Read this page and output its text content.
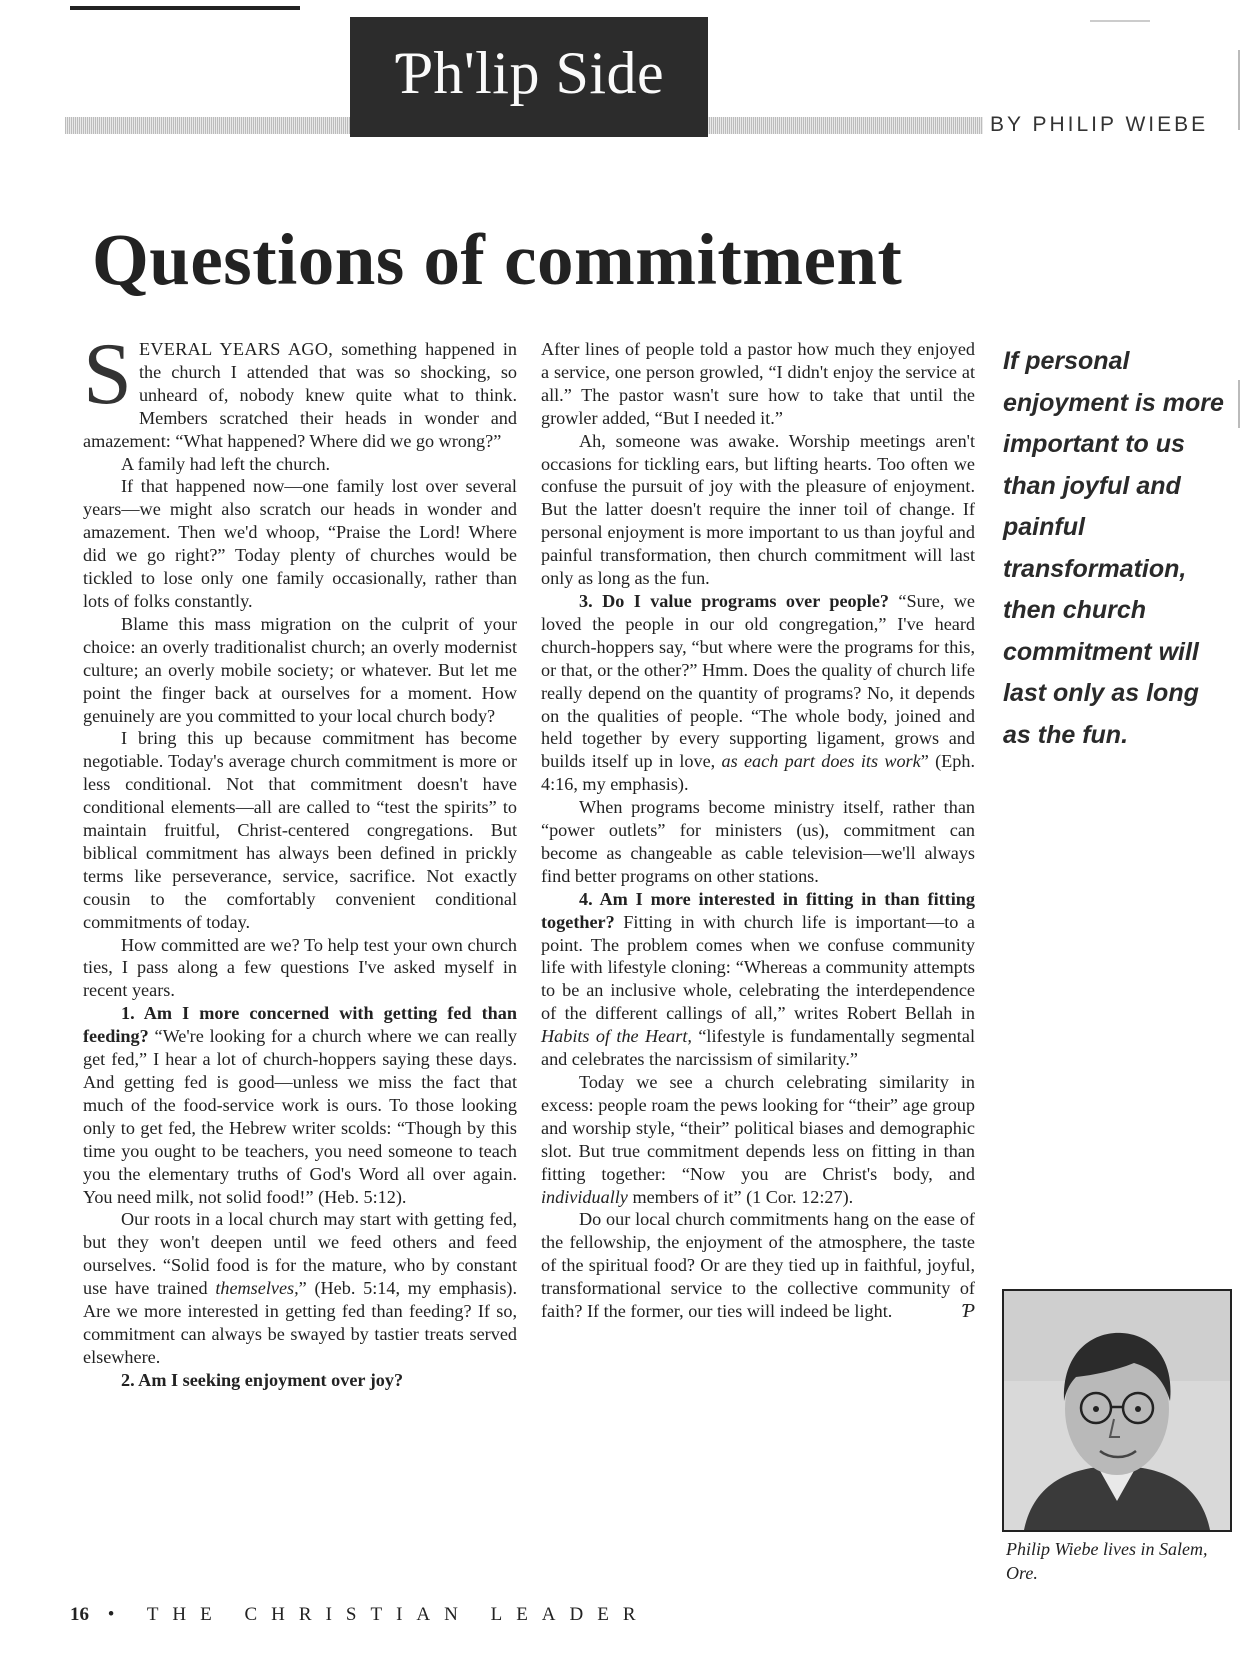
Ƥh'lip Side
BY PHILIP WIEBE
Questions of commitment

SEVERAL YEARS AGO, something happened in the church I attended that was so shocking, so unheard of, nobody knew quite what to think. Members scratched their heads in wonder and amazement: “What happened? Where did we go wrong?”

A family had left the church.

If that happened now—one family lost over several years—we might also scratch our heads in wonder and amazement. Then we'd whoop, “Praise the Lord! Where did we go right?” Today plenty of churches would be tickled to lose only one family occasionally, rather than lots of folks constantly.

Blame this mass migration on the culprit of your choice: an overly traditionalist church; an overly modernist culture; an overly mobile society; or whatever. But let me point the finger back at ourselves for a moment. How genuinely are you committed to your local church body?

I bring this up because commitment has become negotiable. Today's average church commitment is more or less conditional. Not that commitment doesn't have conditional elements—all are called to “test the spirits” to maintain fruitful, Christ-centered congregations. But biblical commitment has always been defined in prickly terms like perseverance, service, sacrifice. Not exactly cousin to the comfortably convenient conditional commitments of today.

How committed are we? To help test your own church ties, I pass along a few questions I've asked myself in recent years.

1. Am I more concerned with getting fed than feeding? “We're looking for a church where we can really get fed,” I hear a lot of church-hoppers saying these days. And getting fed is good—unless we miss the fact that much of the food-service work is ours. To those looking only to get fed, the Hebrew writer scolds: “Though by this time you ought to be teachers, you need someone to teach you the elementary truths of God's Word all over again. You need milk, not solid food!” (Heb. 5:12).

Our roots in a local church may start with getting fed, but they won't deepen until we feed others and feed ourselves. “Solid food is for the mature, who by constant use have trained themselves,” (Heb. 5:14, my emphasis). Are we more interested in getting fed than feeding? If so, commitment can always be swayed by tastier treats served elsewhere.

2. Am I seeking enjoyment over joy?

After lines of people told a pastor how much they enjoyed a service, one person growled, “I didn't enjoy the service at all.” The pastor wasn't sure how to take that until the growler added, “But I needed it.”

Ah, someone was awake. Worship meetings aren't occasions for tickling ears, but lifting hearts. Too often we confuse the pursuit of joy with the pleasure of enjoyment. But the latter doesn't require the inner toil of change. If personal enjoyment is more important to us than joyful and painful transformation, then church commitment will last only as long as the fun.

3. Do I value programs over people? “Sure, we loved the people in our old congregation,” I've heard church-hoppers say, “but where were the programs for this, or that, or the other?” Hmm. Does the quality of church life really depend on the quantity of programs? No, it depends on the qualities of people. “The whole body, joined and held together by every supporting ligament, grows and builds itself up in love, as each part does its work” (Eph. 4:16, my emphasis).

When programs become ministry itself, rather than “power outlets” for ministers (us), commitment can become as changeable as cable television—we'll always find better programs on other stations.

4. Am I more interested in fitting in than fitting together? Fitting in with church life is important—to a point. The problem comes when we confuse community life with lifestyle cloning: “Whereas a community attempts to be an inclusive whole, celebrating the interdependence of the different callings of all,” writes Robert Bellah in Habits of the Heart, “lifestyle is fundamentally segmental and celebrates the narcissism of similarity.”

Today we see a church celebrating similarity in excess: people roam the pews looking for “their” age group and worship style, “their” political biases and demographic slot. But true commitment depends less on fitting in than fitting together: “Now you are Christ's body, and individually members of it” (1 Cor. 12:27).

Do our local church commitments hang on the ease of the fellowship, the enjoyment of the atmosphere, the taste of the spiritual food? Or are they tied up in faithful, joyful, transformational service to the collective community of faith? If the former, our ties will indeed be light.	Ƥ

If personal enjoyment is more important to us than joyful and painful transformation, then church commitment will last only as long as the fun.
Philip Wiebe lives in Salem, Ore.
16 • THE CHRISTIAN LEADER
